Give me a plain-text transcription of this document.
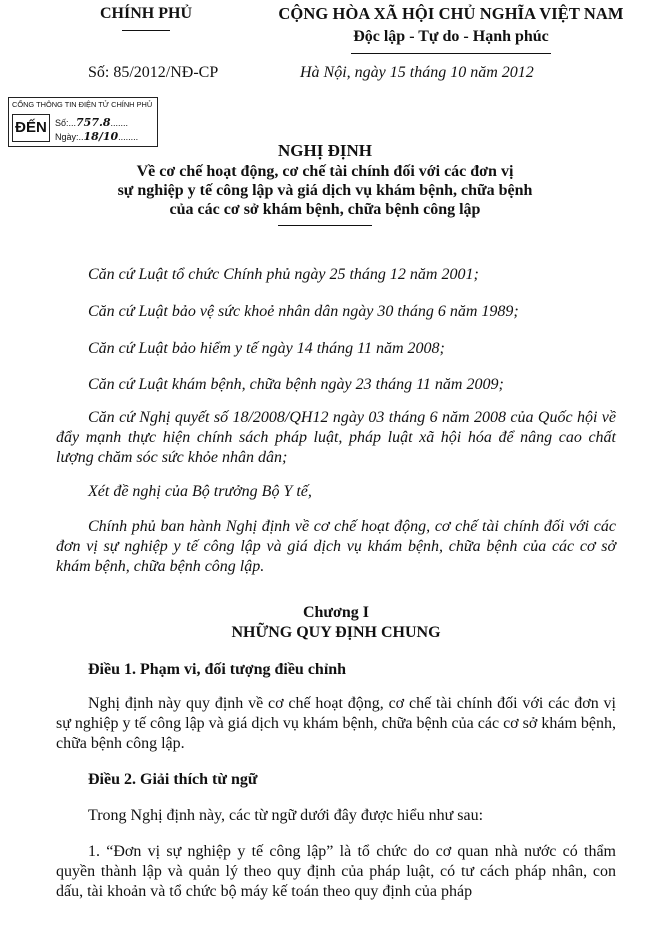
CHÍNH PHỦ
Số: 85/2012/NĐ-CP
CỘNG HÒA XÃ HỘI CHỦ NGHĨA VIỆT NAM
Độc lập - Tự do - Hạnh phúc
Hà Nội, ngày 15 tháng 10 năm 2012
CỔNG THÔNG TIN ĐIỆN TỬ CHÍNH PHỦ
ĐẾN Số:...757.8.......
Ngày:..18/10........
NGHỊ ĐỊNH
Về cơ chế hoạt động, cơ chế tài chính đối với các đơn vị
sự nghiệp y tế công lập và giá dịch vụ khám bệnh, chữa bệnh
của các cơ sở khám bệnh, chữa bệnh công lập
Căn cứ Luật tổ chức Chính phủ ngày 25 tháng 12 năm 2001;
Căn cứ Luật bảo vệ sức khoẻ nhân dân ngày 30 tháng 6 năm 1989;
Căn cứ Luật bảo hiểm y tế ngày 14 tháng 11 năm 2008;
Căn cứ Luật khám bệnh, chữa bệnh ngày 23 tháng 11 năm 2009;
Căn cứ Nghị quyết số 18/2008/QH12 ngày 03 tháng 6 năm 2008 của Quốc hội về đẩy mạnh thực hiện chính sách pháp luật, pháp luật xã hội hóa để nâng cao chất lượng chăm sóc sức khỏe nhân dân;
Xét đề nghị của Bộ trưởng Bộ Y tế,
Chính phủ ban hành Nghị định về cơ chế hoạt động, cơ chế tài chính đối với các đơn vị sự nghiệp y tế công lập và giá dịch vụ khám bệnh, chữa bệnh của các cơ sở khám bệnh, chữa bệnh công lập.
Chương I
NHỮNG QUY ĐỊNH CHUNG
Điều 1. Phạm vi, đối tượng điều chỉnh
Nghị định này quy định về cơ chế hoạt động, cơ chế tài chính đối với các đơn vị sự nghiệp y tế công lập và giá dịch vụ khám bệnh, chữa bệnh của các cơ sở khám bệnh, chữa bệnh công lập.
Điều 2. Giải thích từ ngữ
Trong Nghị định này, các từ ngữ dưới đây được hiểu như sau:
1. “Đơn vị sự nghiệp y tế công lập” là tổ chức do cơ quan nhà nước có thẩm quyền thành lập và quản lý theo quy định của pháp luật, có tư cách pháp nhân, con dấu, tài khoản và tổ chức bộ máy kế toán theo quy định của pháp
